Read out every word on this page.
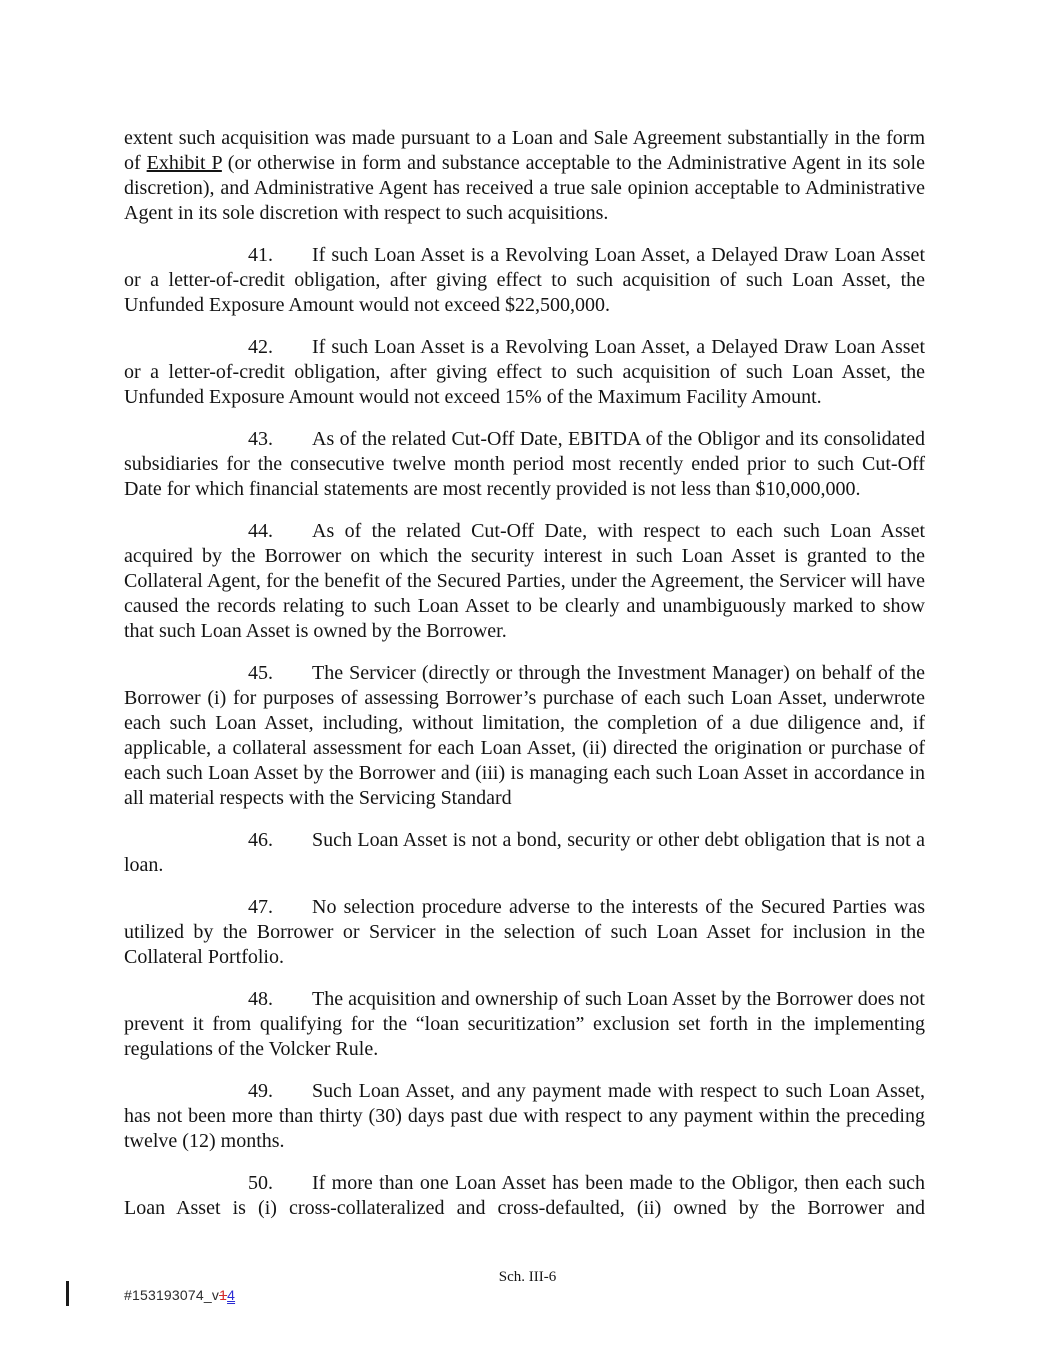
extent such acquisition was made pursuant to a Loan and Sale Agreement substantially in the form of Exhibit P (or otherwise in form and substance acceptable to the Administrative Agent in its sole discretion), and Administrative Agent has received a true sale opinion acceptable to Administrative Agent in its sole discretion with respect to such acquisitions.

41. If such Loan Asset is a Revolving Loan Asset, a Delayed Draw Loan Asset or a letter-of-credit obligation, after giving effect to such acquisition of such Loan Asset, the Unfunded Exposure Amount would not exceed $22,500,000.

42. If such Loan Asset is a Revolving Loan Asset, a Delayed Draw Loan Asset or a letter-of-credit obligation, after giving effect to such acquisition of such Loan Asset, the Unfunded Exposure Amount would not exceed 15% of the Maximum Facility Amount.

43. As of the related Cut-Off Date, EBITDA of the Obligor and its consolidated subsidiaries for the consecutive twelve month period most recently ended prior to such Cut-Off Date for which financial statements are most recently provided is not less than $10,000,000.

44. As of the related Cut-Off Date, with respect to each such Loan Asset acquired by the Borrower on which the security interest in such Loan Asset is granted to the Collateral Agent, for the benefit of the Secured Parties, under the Agreement, the Servicer will have caused the records relating to such Loan Asset to be clearly and unambiguously marked to show that such Loan Asset is owned by the Borrower.

45. The Servicer (directly or through the Investment Manager) on behalf of the Borrower (i) for purposes of assessing Borrower’s purchase of each such Loan Asset, underwrote each such Loan Asset, including, without limitation, the completion of a due diligence and, if applicable, a collateral assessment for each Loan Asset, (ii) directed the origination or purchase of each such Loan Asset by the Borrower and (iii) is managing each such Loan Asset in accordance in all material respects with the Servicing Standard

46. Such Loan Asset is not a bond, security or other debt obligation that is not a loan.

47. No selection procedure adverse to the interests of the Secured Parties was utilized by the Borrower or Servicer in the selection of such Loan Asset for inclusion in the Collateral Portfolio.

48. The acquisition and ownership of such Loan Asset by the Borrower does not prevent it from qualifying for the “loan securitization” exclusion set forth in the implementing regulations of the Volcker Rule.

49. Such Loan Asset, and any payment made with respect to such Loan Asset, has not been more than thirty (30) days past due with respect to any payment within the preceding twelve (12) months.

50. If more than one Loan Asset has been made to the Obligor, then each such Loan Asset is (i) cross-collateralized and cross-defaulted, (ii) owned by the Borrower and

Sch. III-6
#153193074_v14
